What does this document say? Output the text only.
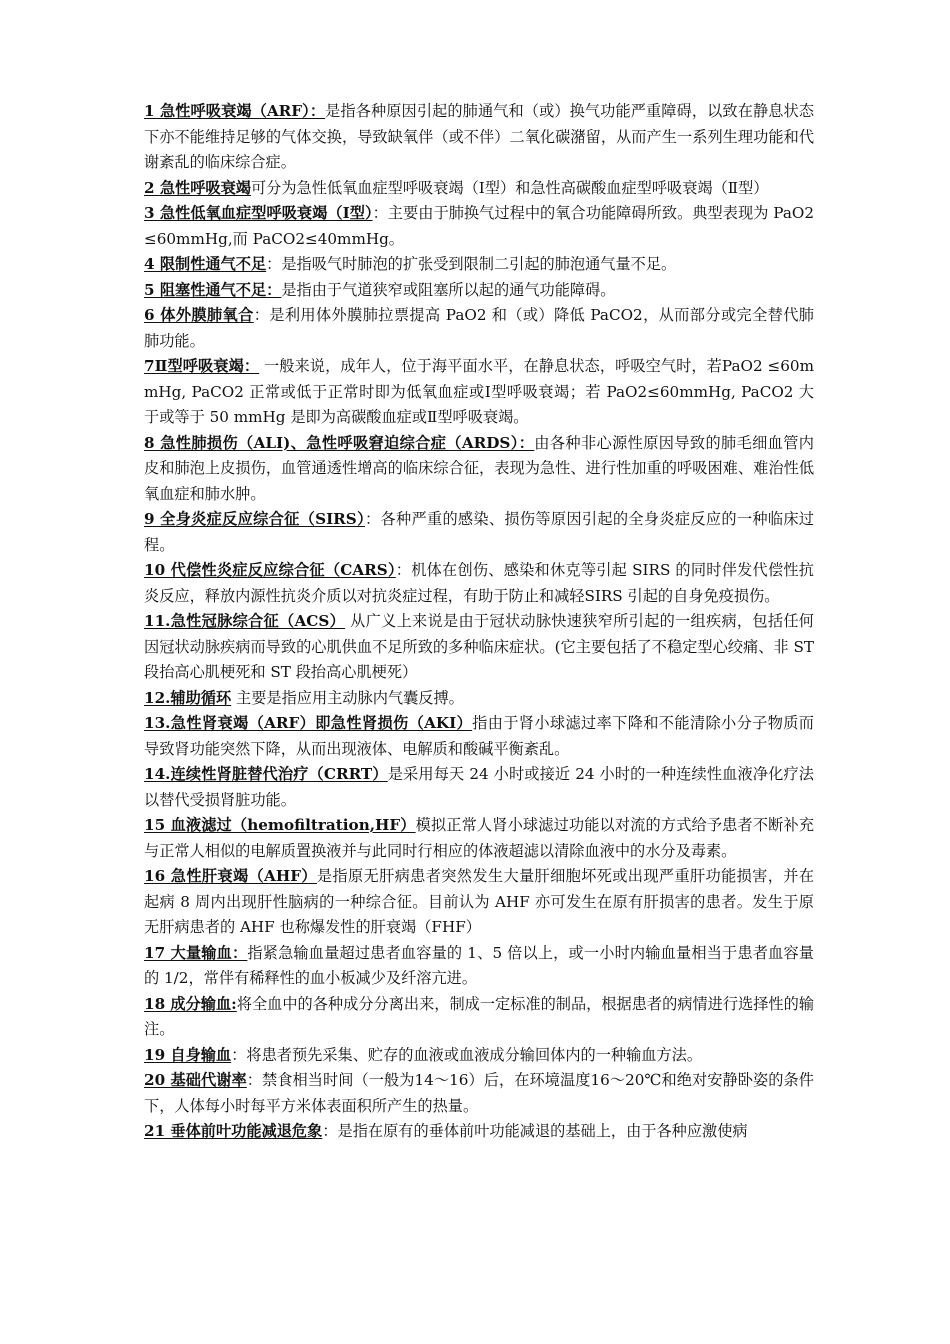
1 急性呼吸衰竭（ARF）：是指各种原因引起的肺通气和（或）换气功能严重障碍，以致在静息状态下亦不能维持足够的气体交换，导致缺氧伴（或不伴）二氧化碳潴留，从而产生一系列生理功能和代谢紊乱的临床综合症。

2 急性呼吸衰竭可分为急性低氧血症型呼吸衰竭（Ⅰ型）和急性高碳酸血症型呼吸衰竭（Ⅱ型）

3 急性低氧血症型呼吸衰竭（Ⅰ型）：主要由于肺换气过程中的氧合功能障碍所致。典型表现为 PaO2≤60mmHg,而 PaCO2≤40mmHg。

4 限制性通气不足：是指吸气时肺泡的扩张受到限制二引起的肺泡通气量不足。

5 阻塞性通气不足：是指由于气道狭窄或阻塞所以起的通气功能障碍。

6 体外膜肺氧合：是利用体外膜肺拉票提高 PaO2 和（或）降低 PaCO2，从而部分或完全替代肺肺功能。

7Ⅱ型呼吸衰竭： 一般来说，成年人，位于海平面水平，在静息状态，呼吸空气时，若PaO2 ≤60mmHg, PaCO2 正常或低于正常时即为低氧血症或Ⅰ型呼吸衰竭；若 PaO2≤60mmHg, PaCO2 大于或等于 50 mmHg 是即为高碳酸血症或Ⅱ型呼吸衰竭。

8 急性肺损伤（ALI)、急性呼吸窘迫综合症（ARDS）：由各种非心源性原因导致的肺毛细血管内皮和肺泡上皮损伤，血管通透性增高的临床综合征，表现为急性、进行性加重的呼吸困难、难治性低氧血症和肺水肿。

9 全身炎症反应综合征（SIRS）：各种严重的感染、损伤等原因引起的全身炎症反应的一种临床过程。

10 代偿性炎症反应综合征（CARS）：机体在创伤、感染和休克等引起 SIRS 的同时伴发代偿性抗炎反应，释放内源性抗炎介质以对抗炎症过程，有助于防止和减轻SIRS 引起的自身免疫损伤。

11.急性冠脉综合征（ACS） 从广义上来说是由于冠状动脉快速狭窄所引起的一组疾病，包括任何因冠状动脉疾病而导致的心肌供血不足所致的多种临床症状。(它主要包括了不稳定型心绞痛、非 ST 段抬高心肌梗死和 ST 段抬高心肌梗死）

12.辅助循环 主要是指应用主动脉内气囊反搏。

13.急性肾衰竭（ARF）即急性肾损伤（AKI）指由于肾小球滤过率下降和不能清除小分子物质而导致肾功能突然下降，从而出现液体、电解质和酸碱平衡紊乱。

14.连续性肾脏替代治疗（CRRT）是采用每天 24 小时或接近 24 小时的一种连续性血液净化疗法以替代受损肾脏功能。

15 血液滤过（hemofiltration,HF）模拟正常人肾小球滤过功能以对流的方式给予患者不断补充与正常人相似的电解质置换液并与此同时行相应的体液超滤以清除血液中的水分及毒素。

16 急性肝衰竭（AHF）是指原无肝病患者突然发生大量肝细胞坏死或出现严重肝功能损害，并在起病 8 周内出现肝性脑病的一种综合征。目前认为 AHF 亦可发生在原有肝损害的患者。发生于原无肝病患者的 AHF 也称爆发性的肝衰竭（FHF）

17 大量输血：指紧急输血量超过患者血容量的 1、5 倍以上，或一小时内输血量相当于患者血容量的 1/2，常伴有稀释性的血小板减少及纤溶亢进。

18 成分输血:将全血中的各种成分分离出来，制成一定标准的制品，根据患者的病情进行选择性的输注。

19 自身输血：将患者预先采集、贮存的血液或血液成分输回体内的一种输血方法。

20 基础代谢率：禁食相当时间（一般为14～16）后，在环境温度16～20℃和绝对安静卧姿的条件下，人体每小时每平方米体表面积所产生的热量。

21 垂体前叶功能减退危象：是指在原有的垂体前叶功能减退的基础上，由于各种应激使病
